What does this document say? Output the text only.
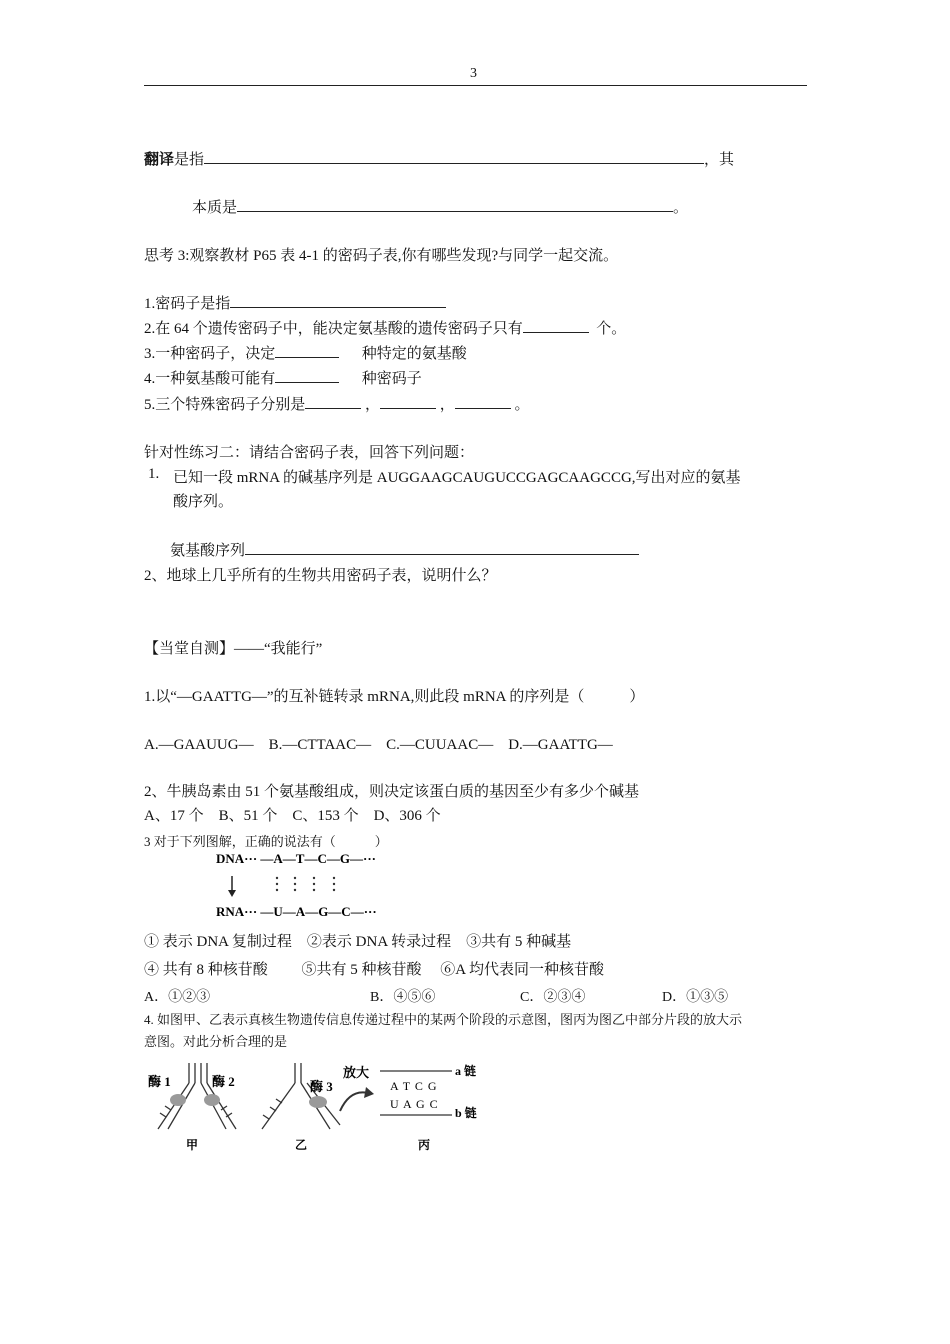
3
翻译是指	，其
本质是	。
思考 3:观察教材 P65 表 4-1 的密码子表,你有哪些发现?与同学一起交流。
1.密码子是指
2.在 64 个遗传密码子中，能决定氨基酸的遗传密码子只有	个。
3.一种密码子，决定	种特定的氨基酸
4.一种氨基酸可能有	种密码子
5.三个特殊密码子分别是	，	，	。
针对性练习二：请结合密码子表，回答下列问题：
1. 已知一段 mRNA 的碱基序列是 AUGGAAGCAUGUCCGAGCAAGCCG,写出对应的氨基
酸序列。
氨基酸序列
2、地球上几乎所有的生物共用密码子表，说明什么？
【当堂自测】——“我能行”
1.以“—GAATTG—”的互补链转录 mRNA,则此段 mRNA 的序列是（　　　）
A.—GAAUUG—　B.—CTTAAC—　C.—CUUAAC—　D.—GAATTG—
2、牛胰岛素由 51 个氨基酸组成，则决定该蛋白质的基因至少有多少个碱基
A、17 个　B、51 个　C、153 个　D、306 个
3 对于下列图解，正确的说法有（　　　）
DNA··· —A—T—C—G—···
RNA··· —U—A—G—C—···
① 表示 DNA 复制过程　②表示 DNA 转录过程　③共有 5 种碱基
④ 共有 8 种核苷酸　　 ⑤共有 5 种核苷酸　 ⑥A 均代表同一种核苷酸
A．①②③	B．④⑤⑥	C．②③④	D．①③⑤
4. 如图甲、乙表示真核生物遗传信息传递过程中的某两个阶段的示意图，图丙为图乙中部分片段的放大示
意图。对此分析合理的是
酶 1	酶 2
甲
酶 3
乙
放大	a 链
A T C G
U A G C
b 链
丙
